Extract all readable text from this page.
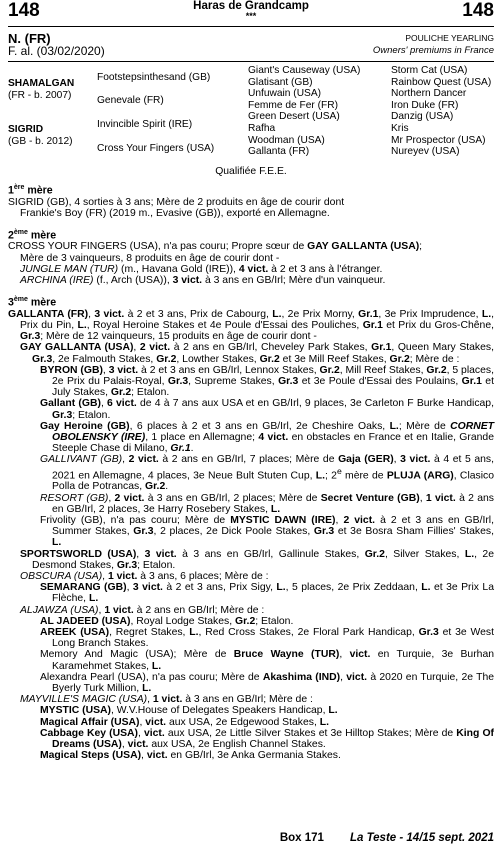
148	Haras de Grandcamp
***	148
N. (FR)
F. al. (03/02/2020)
POULICHE YEARLING
Owners' premiums in France
SHAMALGAN
(FR - b. 2007)
SIGRID
(GB - b. 2012)
Footstepsinthesand (GB)
Genevale (FR)
Invincible Spirit (IRE)
Cross Your Fingers (USA)
Giant's Causeway (USA)
Glatisant (GB)
Unfuwain (USA)
Femme de Fer (FR)
Green Desert (USA)
Rafha
Woodman (USA)
Gallanta (FR)
Storm Cat (USA)
Rainbow Quest (USA)
Northern Dancer
Iron Duke (FR)
Danzig (USA)
Kris
Mr Prospector (USA)
Nureyev (USA)
Qualifiée F.E.E.
1ère mère

SIGRID (GB), 4 sorties à 3 ans; Mère de 2 produits en âge de courir dont

Frankie's Boy (FR) (2019 m., Evasive (GB)), exporté en Allemagne.

2ème mère

CROSS YOUR FINGERS (USA), n'a pas couru; Propre sœur de GAY GALLANTA (USA);

Mère de 3 vainqueurs, 8 produits en âge de courir dont -

JUNGLE MAN (TUR) (m., Havana Gold (IRE)), 4 vict. à 2 et 3 ans à l'étranger.

ARCHINA (IRE) (f., Arch (USA)), 3 vict. à 3 ans en GB/Irl; Mère d'un vainqueur.

3ème mère

GALLANTA (FR), 3 vict. à 2 et 3 ans, Prix de Cabourg, L., 2e Prix Morny, Gr.1, 3e Prix Imprudence, L., Prix du Pin, L., Royal Heroine Stakes et 4e Poule d'Essai des Pouliches, Gr.1 et Prix du Gros-Chêne, Gr.3; Mère de 12 vainqueurs, 15 produits en âge de courir dont -

GAY GALLANTA (USA), 2 vict. à 2 ans en GB/Irl, Cheveley Park Stakes, Gr.1, Queen Mary Stakes, Gr.3, 2e Falmouth Stakes, Gr.2, Lowther Stakes, Gr.2 et 3e Mill Reef Stakes, Gr.2; Mère de :

BYRON (GB), 3 vict. à 2 et 3 ans en GB/Irl, Lennox Stakes, Gr.2, Mill Reef Stakes, Gr.2, 5 places, 2e Prix du Palais-Royal, Gr.3, Supreme Stakes, Gr.3 et 3e Poule d'Essai des Poulains, Gr.1 et July Stakes, Gr.2; Etalon.

Gallant (GB), 6 vict. de 4 à 7 ans aux USA et en GB/Irl, 9 places, 3e Carleton F Burke Handicap, Gr.3; Etalon.

Gay Heroine (GB), 6 places à 2 et 3 ans en GB/Irl, 2e Cheshire Oaks, L.; Mère de CORNET OBOLENSKY (IRE), 1 place en Allemagne; 4 vict. en obstacles en France et en Italie, Grande Steeple Chase di Milano, Gr.1.

GALLIVANT (GB), 2 vict. à 2 ans en GB/Irl, 7 places; Mère de Gaja (GER), 3 vict. à 4 et 5 ans, 2021 en Allemagne, 4 places, 3e Neue Bult Stuten Cup, L.; 2e mère de PLUJA (ARG), Clasico Polla de Potrancas, Gr.2.

RESORT (GB), 2 vict. à 3 ans en GB/Irl, 2 places; Mère de Secret Venture (GB), 1 vict. à 2 ans en GB/Irl, 2 places, 3e Harry Rosebery Stakes, L.

Frivolity (GB), n'a pas couru; Mère de MYSTIC DAWN (IRE), 2 vict. à 2 et 3 ans en GB/Irl, Summer Stakes, Gr.3, 2 places, 2e Dick Poole Stakes, Gr.3 et 3e Bosra Sham Fillies' Stakes, L.

SPORTSWORLD (USA), 3 vict. à 3 ans en GB/Irl, Gallinule Stakes, Gr.2, Silver Stakes, L., 2e Desmond Stakes, Gr.3; Etalon.

OBSCURA (USA), 1 vict. à 3 ans, 6 places; Mère de :

SEMARANG (GB), 3 vict. à 2 et 3 ans, Prix Sigy, L., 5 places, 2e Prix Zeddaan, L. et 3e Prix La Flèche, L.

ALJAWZA (USA), 1 vict. à 2 ans en GB/Irl; Mère de :

AL JADEED (USA), Royal Lodge Stakes, Gr.2; Etalon.

AREEK (USA), Regret Stakes, L., Red Cross Stakes, 2e Floral Park Handicap, Gr.3 et 3e West Long Branch Stakes.

Memory And Magic (USA); Mère de Bruce Wayne (TUR), vict. en Turquie, 3e Burhan Karamehmet Stakes, L.

Alexandra Pearl (USA), n'a pas couru; Mère de Akashima (IND), vict. à 2020 en Turquie, 2e The Byerly Turk Million, L.

MAYVILLE'S MAGIC (USA), 1 vict. à 3 ans en GB/Irl; Mère de :

MYSTIC (USA), W.V.House of Delegates Speakers Handicap, L.

Magical Affair (USA), vict. aux USA, 2e Edgewood Stakes, L.

Cabbage Key (USA), vict. aux USA, 2e Little Silver Stakes et 3e Hilltop Stakes; Mère de King Of Dreams (USA), vict. aux USA, 2e English Channel Stakes.

Magical Steps (USA), vict. en GB/Irl, 3e Anka Germania Stakes.

Box 171 La Teste - 14/15 sept. 2021
